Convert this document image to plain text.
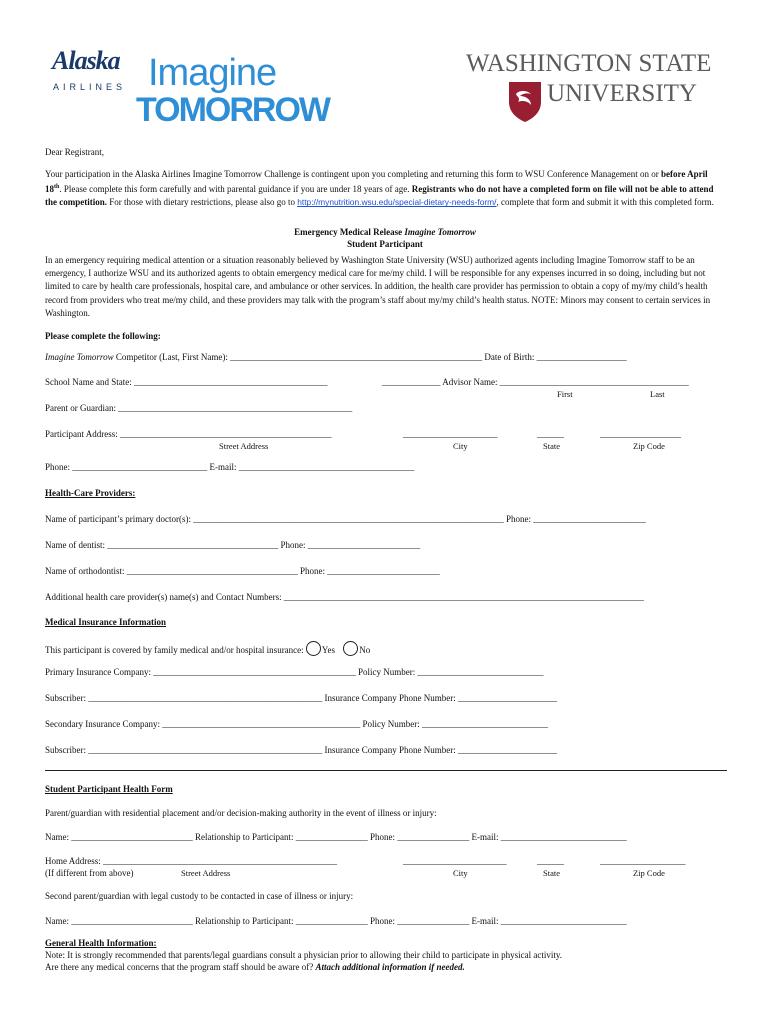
Alaska
AIRLINES Imagine
TOMORROW
WASHINGTON STATE
UNIVERSITY
Dear Registrant,
Your participation in the Alaska Airlines Imagine Tomorrow Challenge is contingent upon you completing and returning this form to WSU Conference Management on or before April 18th. Please complete this form carefully and with parental guidance if you are under 18 years of age. Registrants who do not have a completed form on file will not be able to attend the competition. For those with dietary restrictions, please also go to http://mynutrition.wsu.edu/special-dietary-needs-form/, complete that form and submit it with this completed form.
Emergency Medical Release Imagine Tomorrow
Student Participant
In an emergency requiring medical attention or a situation reasonably believed by Washington State University (WSU) authorized agents including Imagine Tomorrow staff to be an emergency, I authorize WSU and its authorized agents to obtain emergency medical care for me/my child. I will be responsible for any expenses incurred in so doing, including but not limited to care by health care professionals, hospital care, and ambulance or other services. In addition, the health care provider has permission to obtain a copy of my/my child’s health record from providers who treat me/my child, and these providers may talk with the program’s staff about my/my child’s health status. NOTE: Minors may consent to certain services in Washington.
Please complete the following:
Imagine Tomorrow Competitor (Last, First Name): ________________________________________________________ Date of Birth: ____________________
School Name and State: ___________________________________________	_____________ Advisor Name: __________________________________________
First	Last
Parent or Guardian: ____________________________________________________
Participant Address: _______________________________________________	_____________________	______	__________________
Street Address	City	State	Zip Code
Phone: ______________________________ E-mail: _______________________________________
Health-Care Providers:
Name of participant’s primary doctor(s): _____________________________________________________________________ Phone: _________________________
Name of dentist: ______________________________________ Phone: _________________________
Name of orthodontist: ______________________________________ Phone: _________________________
Additional health care provider(s) name(s) and Contact Numbers: ________________________________________________________________________________
Medical Insurance Information
This participant is covered by family medical and/or hospital insurance: Yes	No
Primary Insurance Company: _____________________________________________ Policy Number: ____________________________
Subscriber: ____________________________________________________ Insurance Company Phone Number: ______________________
Secondary Insurance Company: ____________________________________________ Policy Number: ____________________________
Subscriber: ____________________________________________________ Insurance Company Phone Number: ______________________
Student Participant Health Form
Parent/guardian with residential placement and/or decision-making authority in the event of illness or injury:
Name: ___________________________ Relationship to Participant: ________________ Phone: ________________ E-mail: ____________________________
Home Address: ____________________________________________________	_______________________	______	___________________
(If different from above)	Street Address	City	State	Zip Code
Second parent/guardian with legal custody to be contacted in case of illness or injury:
Name: ___________________________ Relationship to Participant: ________________ Phone: ________________ E-mail: ____________________________
General Health Information:
Note: It is strongly recommended that parents/legal guardians consult a physician prior to allowing their child to participate in physical activity.
Are there any medical concerns that the program staff should be aware of? Attach additional information if needed.
